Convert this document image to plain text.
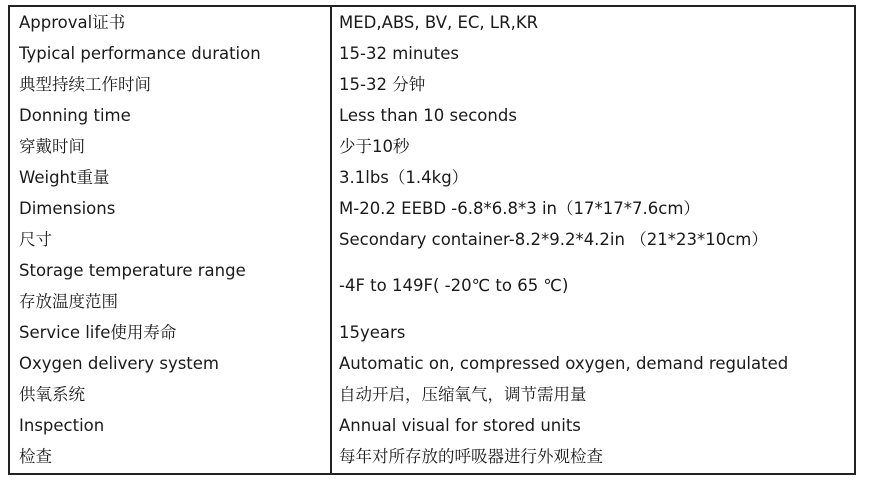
Approval证书
Typical performance duration
典型持续工作时间
Donning time
穿戴时间
Weight重量
Dimensions
尺寸
Storage temperature range
存放温度范围
Service life使用寿命
Oxygen delivery system
供氧系统
Inspection
检查
MED,ABS, BV, EC, LR,KR
15-32 minutes
15-32 分钟
Less than 10 seconds
少于10秒
3.1lbs（1.4kg）
M-20.2 EEBD -6.8*6.8*3 in（17*17*7.6cm）
Secondary container-8.2*9.2*4.2in （21*23*10cm）
-4F to 149F( -20℃ to 65 ℃)
15years
Automatic on, compressed oxygen, demand regulated
自动开启，压缩氧气，调节需用量
Annual visual for stored units
每年对所存放的呼吸器进行外观检查
